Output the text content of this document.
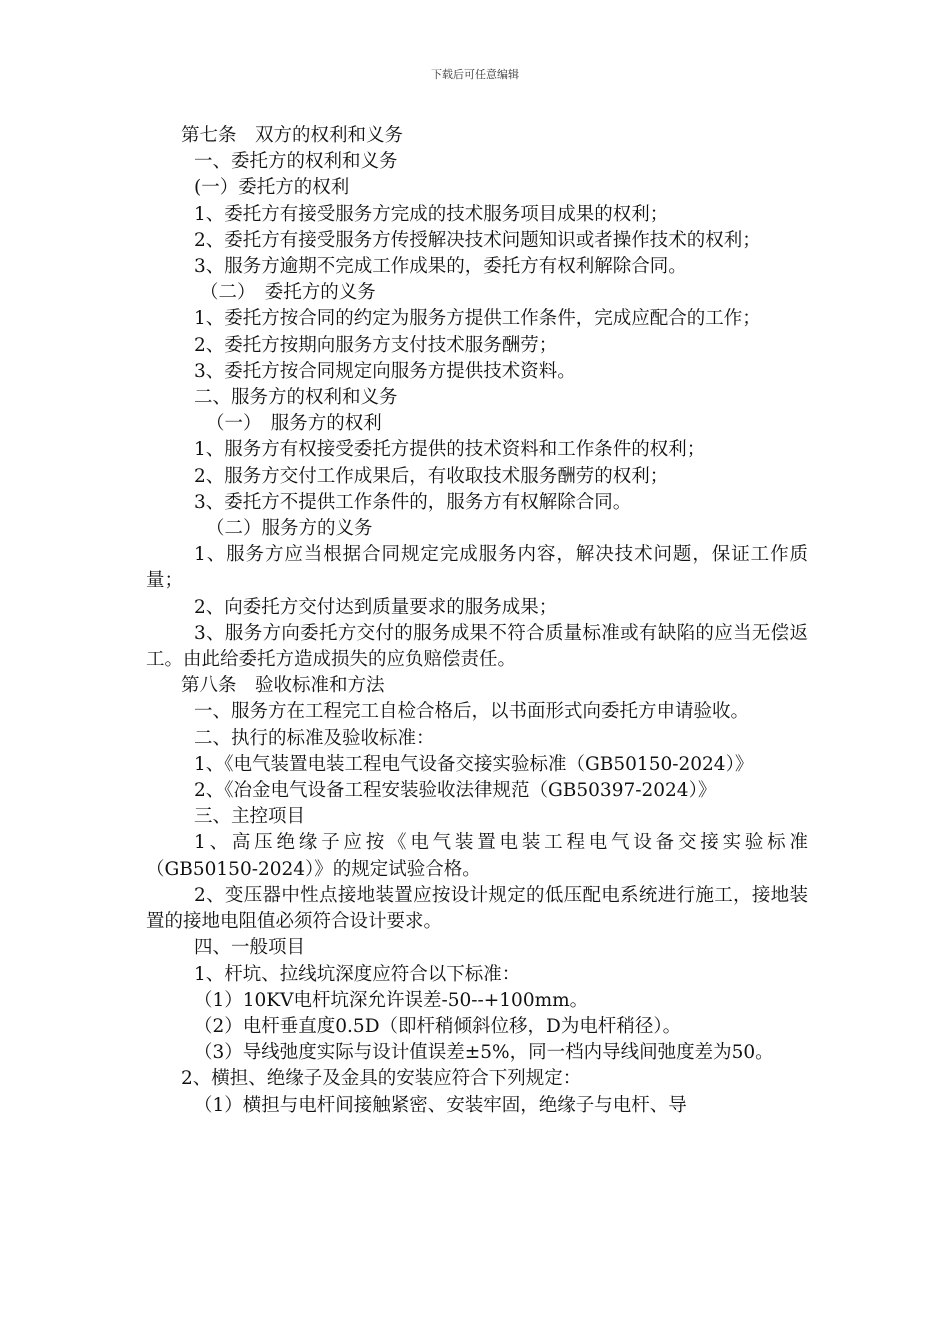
下载后可任意编辑

第七条　双方的权利和义务

一、委托方的权利和义务

(一）委托方的权利

1、委托方有接受服务方完成的技术服务项目成果的权利；

2、委托方有接受服务方传授解决技术问题知识或者操作技术的权利；

3、服务方逾期不完成工作成果的，委托方有权利解除合同。

（二）　委托方的义务

1、委托方按合同的约定为服务方提供工作条件，完成应配合的工作；

2、委托方按期向服务方支付技术服务酬劳；

3、委托方按合同规定向服务方提供技术资料。

二、服务方的权利和义务

（一）　服务方的权利

1、服务方有权接受委托方提供的技术资料和工作条件的权利；

2、服务方交付工作成果后，有收取技术服务酬劳的权利；

3、委托方不提供工作条件的，服务方有权解除合同。

（二）服务方的义务

1、服务方应当根据合同规定完成服务内容，解决技术问题，保证工作质量；

2、向委托方交付达到质量要求的服务成果；

3、服务方向委托方交付的服务成果不符合质量标准或有缺陷的应当无偿返工。由此给委托方造成损失的应负赔偿责任。

第八条　验收标准和方法

一、服务方在工程完工自检合格后，以书面形式向委托方申请验收。

二、执行的标准及验收标准：

1、《电气装置电装工程电气设备交接实验标准（GB50150-2024）》

2、《冶金电气设备工程安装验收法律规范（GB50397-2024）》

三、主控项目

1、高压绝缘子应按《电气装置电装工程电气设备交接实验标准（GB50150-2024）》的规定试验合格。

2、变压器中性点接地装置应按设计规定的低压配电系统进行施工，接地装置的接地电阻值必须符合设计要求。

四、一般项目

1、杆坑、拉线坑深度应符合以下标准：

（1）10KV电杆坑深允许误差-50--+100mm。

（2）电杆垂直度0.5D（即杆稍倾斜位移，D为电杆稍径）。

（3）导线弛度实际与设计值误差±5%，同一档内导线间弛度差为50。

2、横担、绝缘子及金具的安装应符合下列规定：

（1）横担与电杆间接触紧密、安装牢固，绝缘子与电杆、导
